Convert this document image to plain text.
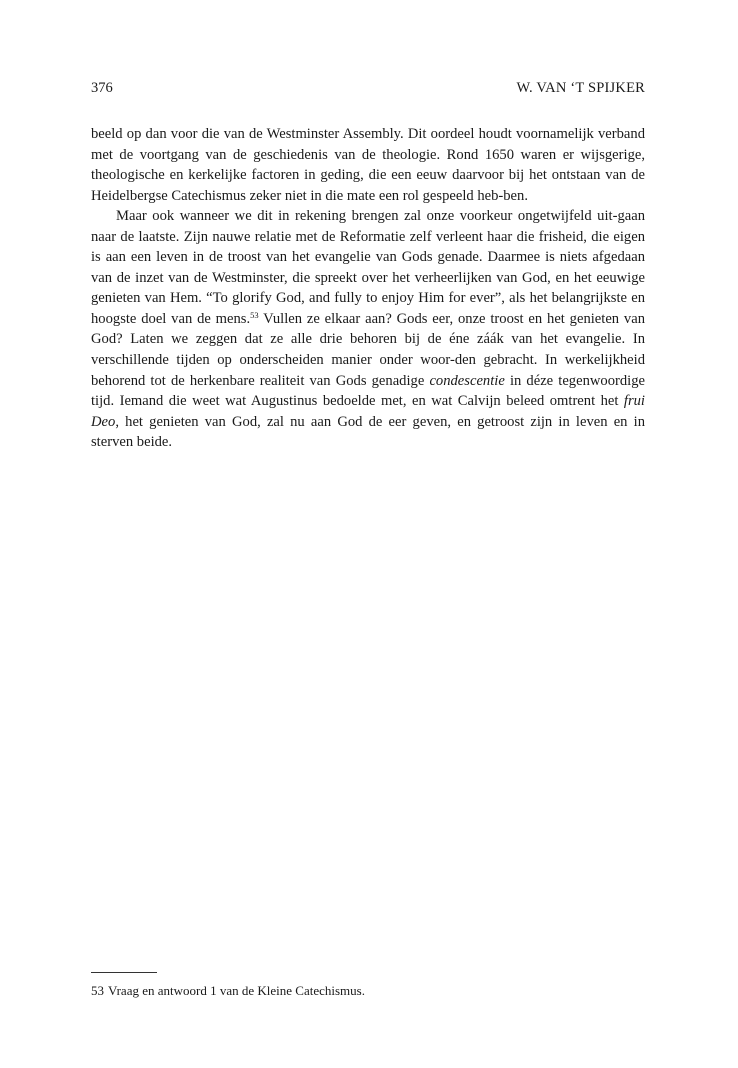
376	W. VAN ‘T SPIJKER

beeld op dan voor die van de Westminster Assembly. Dit oordeel houdt voornamelijk verband met de voortgang van de geschiedenis van de theologie. Rond 1650 waren er wijsgerige, theologische en kerkelijke factoren in geding, die een eeuw daarvoor bij het ontstaan van de Heidelbergse Catechismus zeker niet in die mate een rol gespeeld heb-ben.

Maar ook wanneer we dit in rekening brengen zal onze voorkeur ongetwijfeld uit-gaan naar de laatste. Zijn nauwe relatie met de Reformatie zelf verleent haar die frisheid, die eigen is aan een leven in de troost van het evangelie van Gods genade. Daarmee is niets afgedaan van de inzet van de Westminster, die spreekt over het verheerlijken van God, en het eeuwige genieten van Hem. “To glorify God, and fully to enjoy Him for ever”, als het belangrijkste en hoogste doel van de mens.$^{53}$ Vullen ze elkaar aan? Gods eer, onze troost en het genieten van God? Laten we zeggen dat ze alle drie behoren bij de éne záák van het evangelie. In verschillende tijden op onderscheiden manier onder woor-den gebracht. In werkelijkheid behorend tot de herkenbare realiteit van Gods genadige condescentie in déze tegenwoordige tijd. Iemand die weet wat Augustinus bedoelde met, en wat Calvijn beleed omtrent het frui Deo, het genieten van God, zal nu aan God de eer geven, en getroost zijn in leven en in sterven beide.

53 Vraag en antwoord 1 van de Kleine Catechismus.
